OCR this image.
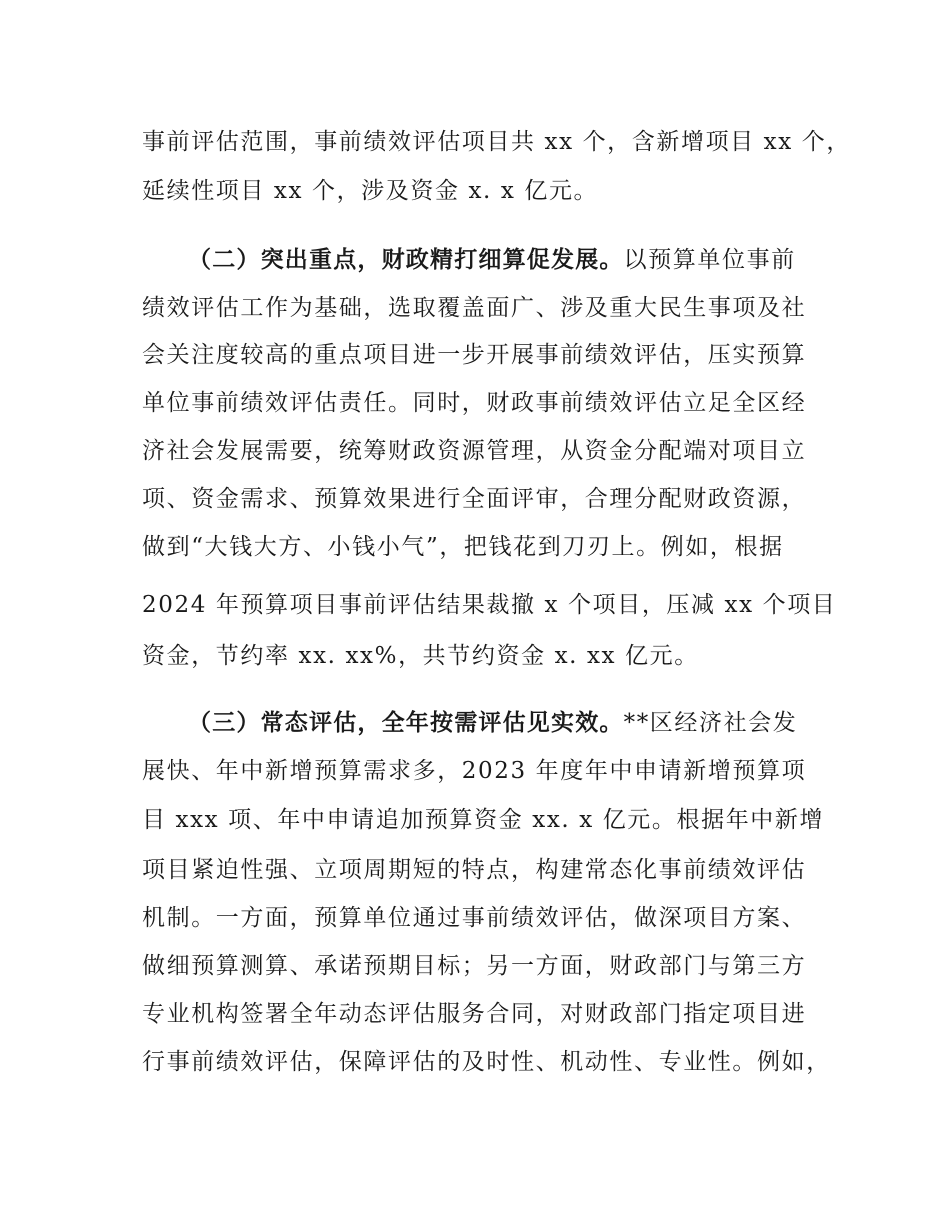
事前评估范围，事前绩效评估项目共 xx 个，含新增项目 xx 个，
延续性项目 xx 个，涉及资金 x. x 亿元。
（二）突出重点，财政精打细算促发展。以预算单位事前
绩效评估工作为基础，选取覆盖面广、涉及重大民生事项及社
会关注度较高的重点项目进一步开展事前绩效评估，压实预算
单位事前绩效评估责任。同时，财政事前绩效评估立足全区经
济社会发展需要，统筹财政资源管理，从资金分配端对项目立
项、资金需求、预算效果进行全面评审，合理分配财政资源，
做到“大钱大方、小钱小气”，把钱花到刀刃上。例如，根据
2024 年预算项目事前评估结果裁撤 x 个项目，压减 xx 个项目
资金，节约率 xx. xx%，共节约资金 x. xx 亿元。
（三）常态评估，全年按需评估见实效。**区经济社会发
展快、年中新增预算需求多，2023 年度年中申请新增预算项
目 xxx 项、年中申请追加预算资金 xx. x 亿元。根据年中新增
项目紧迫性强、立项周期短的特点，构建常态化事前绩效评估
机制。一方面，预算单位通过事前绩效评估，做深项目方案、
做细预算测算、承诺预期目标；另一方面，财政部门与第三方
专业机构签署全年动态评估服务合同，对财政部门指定项目进
行事前绩效评估，保障评估的及时性、机动性、专业性。例如，
